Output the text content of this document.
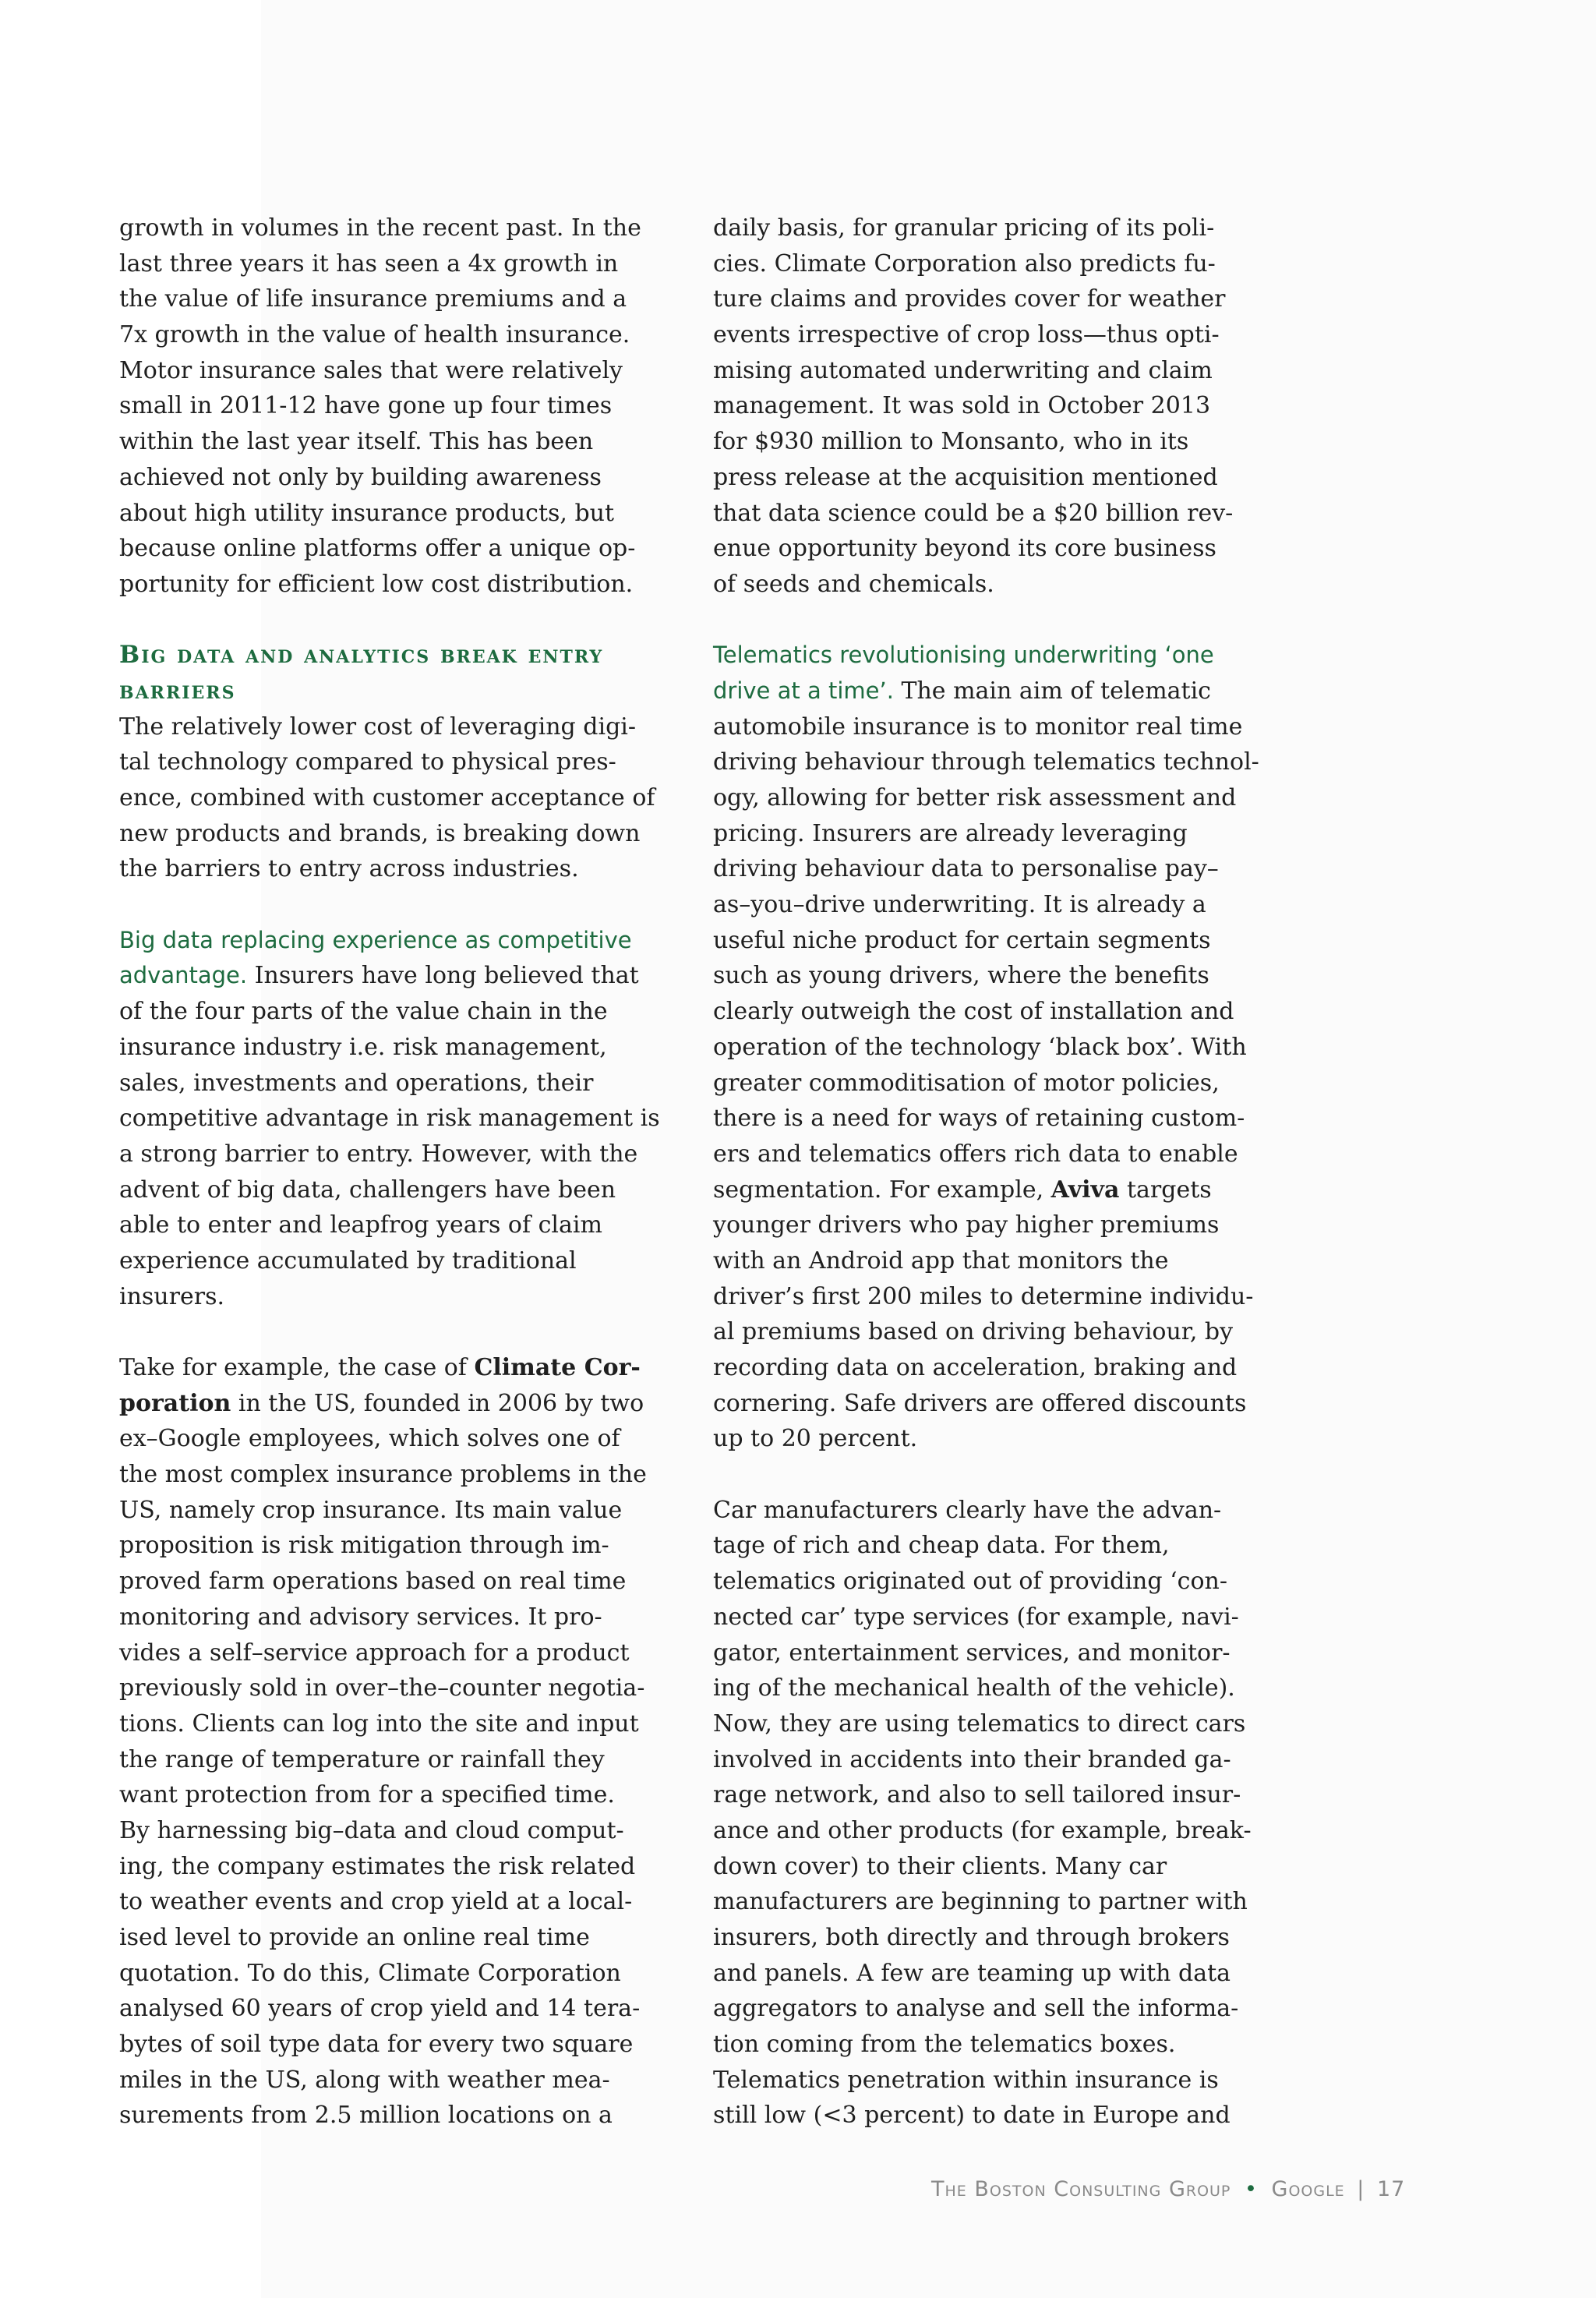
growth in volumes in the recent past. In the
last three years it has seen a 4x growth in
the value of life insurance premiums and a
7x growth in the value of health insurance.
Motor insurance sales that were relatively
small in 2011-12 have gone up four times
within the last year itself. This has been
achieved not only by building awareness
about high utility insurance products, but
because online platforms offer a unique op-
portunity for efficient low cost distribution.
Big data and analytics break entry
barriers
The relatively lower cost of leveraging digi-
tal technology compared to physical pres-
ence, combined with customer acceptance of
new products and brands, is breaking down
the barriers to entry across industries.
Big data replacing experience as competitive
advantage. Insurers have long believed that
of the four parts of the value chain in the
insurance industry i.e. risk management,
sales, investments and operations, their
competitive advantage in risk management is
a strong barrier to entry. However, with the
advent of big data, challengers have been
able to enter and leapfrog years of claim
experience accumulated by traditional
insurers.
Take for example, the case of Climate Cor-
poration in the US, founded in 2006 by two
ex–Google employees, which solves one of
the most complex insurance problems in the
US, namely crop insurance. Its main value
proposition is risk mitigation through im-
proved farm operations based on real time
monitoring and advisory services. It pro-
vides a self–service approach for a product
previously sold in over–the–counter negotia-
tions. Clients can log into the site and input
the range of temperature or rainfall they
want protection from for a specified time.
By harnessing big–data and cloud comput-
ing, the company estimates the risk related
to weather events and crop yield at a local-
ised level to provide an online real time
quotation. To do this, Climate Corporation
analysed 60 years of crop yield and 14 tera-
bytes of soil type data for every two square
miles in the US, along with weather mea-
surements from 2.5 million locations on a
daily basis, for granular pricing of its poli-
cies. Climate Corporation also predicts fu-
ture claims and provides cover for weather
events irrespective of crop loss—thus opti-
mising automated underwriting and claim
management. It was sold in October 2013
for $930 million to Monsanto, who in its
press release at the acquisition mentioned
that data science could be a $20 billion rev-
enue opportunity beyond its core business
of seeds and chemicals.
Telematics revolutionising underwriting ‘one
drive at a time’. The main aim of telematic
automobile insurance is to monitor real time
driving behaviour through telematics technol-
ogy, allowing for better risk assessment and
pricing. Insurers are already leveraging
driving behaviour data to personalise pay–
as–you–drive underwriting. It is already a
useful niche product for certain segments
such as young drivers, where the benefits
clearly outweigh the cost of installation and
operation of the technology ‘black box’. With
greater commoditisation of motor policies,
there is a need for ways of retaining custom-
ers and telematics offers rich data to enable
segmentation. For example, Aviva targets
younger drivers who pay higher premiums
with an Android app that monitors the
driver’s first 200 miles to determine individu-
al premiums based on driving behaviour, by
recording data on acceleration, braking and
cornering. Safe drivers are offered discounts
up to 20 percent.
Car manufacturers clearly have the advan-
tage of rich and cheap data. For them,
telematics originated out of providing ‘con-
nected car’ type services (for example, navi-
gator, entertainment services, and monitor-
ing of the mechanical health of the vehicle).
Now, they are using telematics to direct cars
involved in accidents into their branded ga-
rage network, and also to sell tailored insur-
ance and other products (for example, break-
down cover) to their clients. Many car
manufacturers are beginning to partner with
insurers, both directly and through brokers
and panels. A few are teaming up with data
aggregators to analyse and sell the informa-
tion coming from the telematics boxes.
Telematics penetration within insurance is
still low (<3 percent) to date in Europe and
The Boston Consulting Group • Google | 17
